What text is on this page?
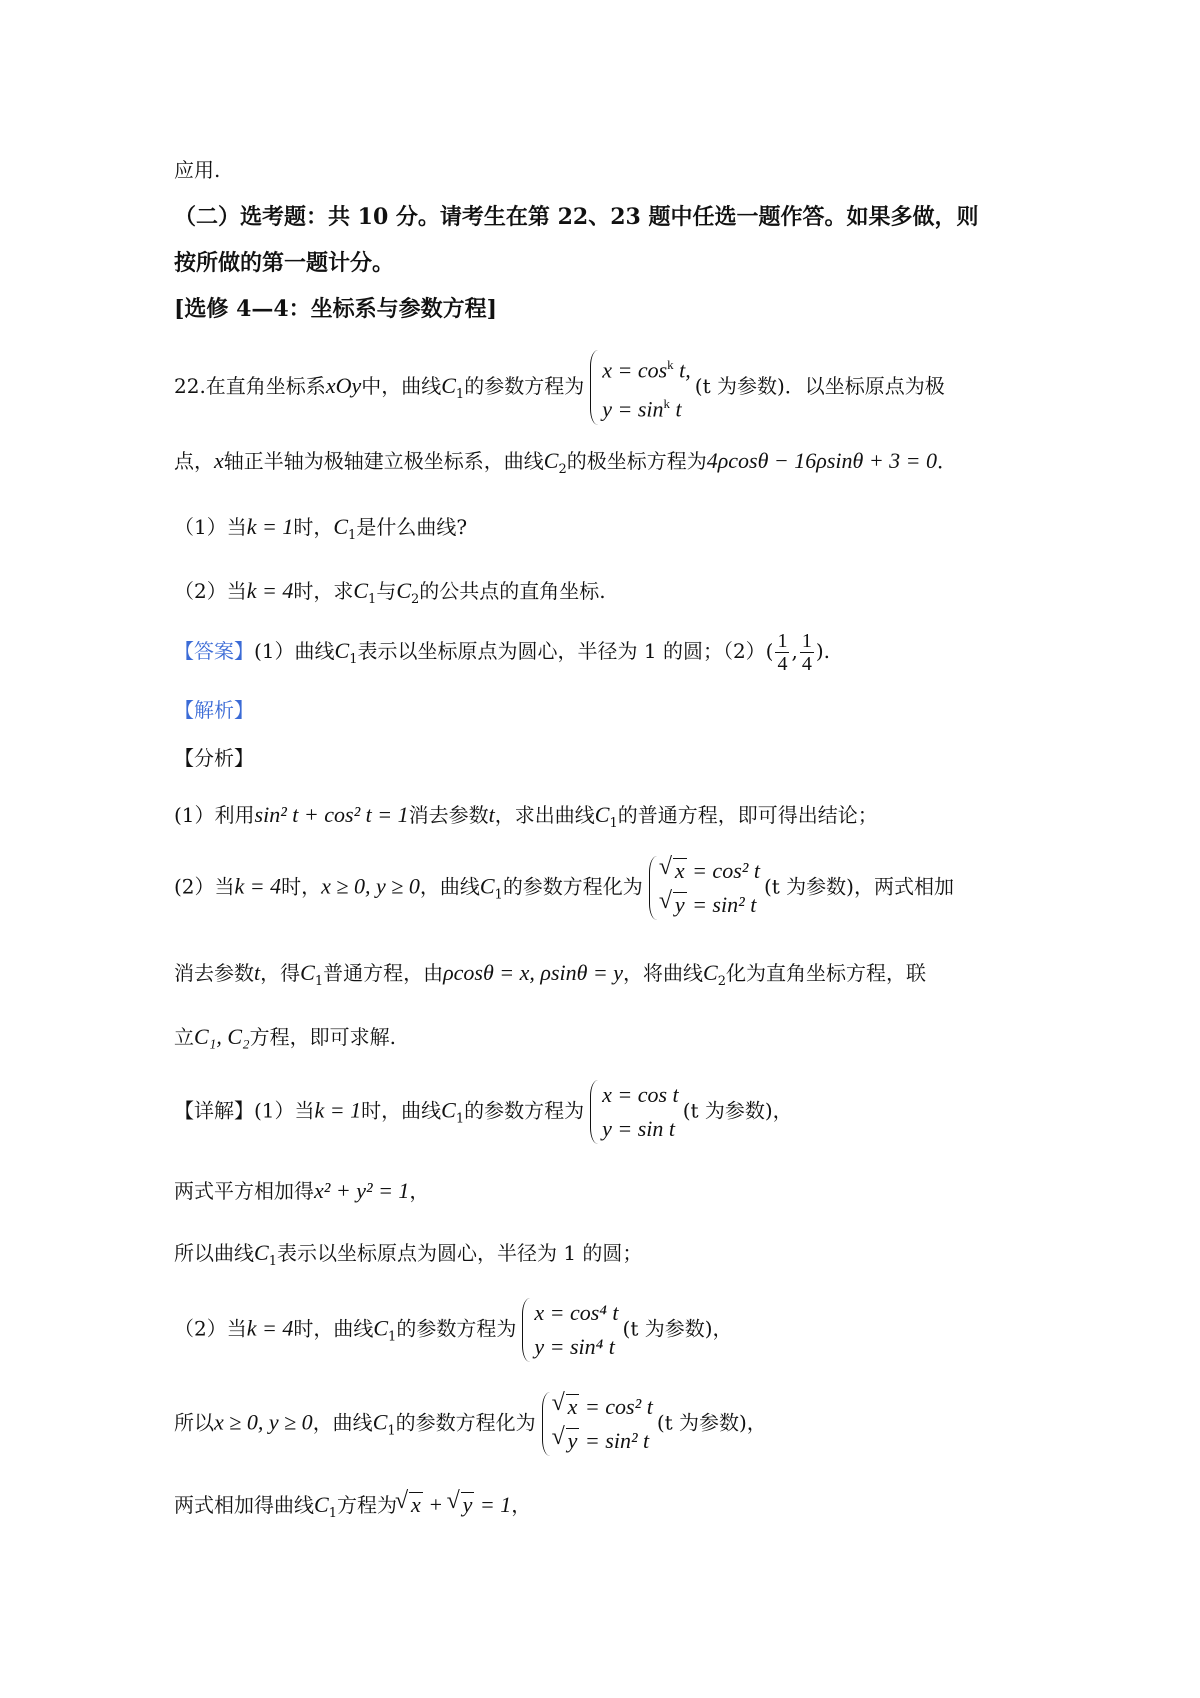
应用.
（二）选考题：共 10 分。请考生在第 22、23 题中任选一题作答。如果多做，则
按所做的第一题计分。
[选修 4—4：坐标系与参数方程]
22.在直角坐标系xOy中，曲线$C_1$的参数方程为
$x = \cos^k t$,
$y = \sin^k t$
(t 为参数)．以坐标原点为极
点，x轴正半轴为极轴建立极坐标系，曲线$C_2$的极坐标方程为4ρcosθ − 16ρsinθ + 3 = 0．
（1）当k = 1时，$C_1$是什么曲线?
（2）当k = 4时，求$C_1$与$C_2$的公共点的直角坐标.
【答案】(1）曲线$C_1$表示以坐标原点为圆心，半径为 1 的圆；$(2)( \frac{1}{4}$ , $\frac{1}{4}$ ).
【解析】
【分析】
(1）利用sin² t + cos² t = 1消去参数t，求出曲线$C_1$的普通方程，即可得出结论；
(2）当k = 4时，x ≥ 0, y ≥ 0，曲线$C_1$的参数方程化为
√ x = cos² t
√ y = sin² t
(t 为参数)，两式相加
消去参数t，得$C_1$普通方程，由ρcosθ = x, ρsinθ = y，将曲线$C_2$化为直角坐标方程，联
立C₁, C₂方程，即可求解.
【详解】(1）当k = 1时，曲线$C_1$的参数方程为
x = cos t
y = sin t
(t 为参数)，
两式平方相加得x² + y² = 1，
所以曲线$C_1$表示以坐标原点为圆心，半径为 1 的圆；
（2）当k = 4时，曲线$C_1$的参数方程为
x = cos⁴ t
y = sin⁴ t
(t 为参数)，
所以x ≥ 0, y ≥ 0，曲线$C_1$的参数方程化为
√ x = cos² t
√ y = sin² t
(t 为参数)，
两式相加得曲线$C_1$方程为 √ x + √ y = 1，
